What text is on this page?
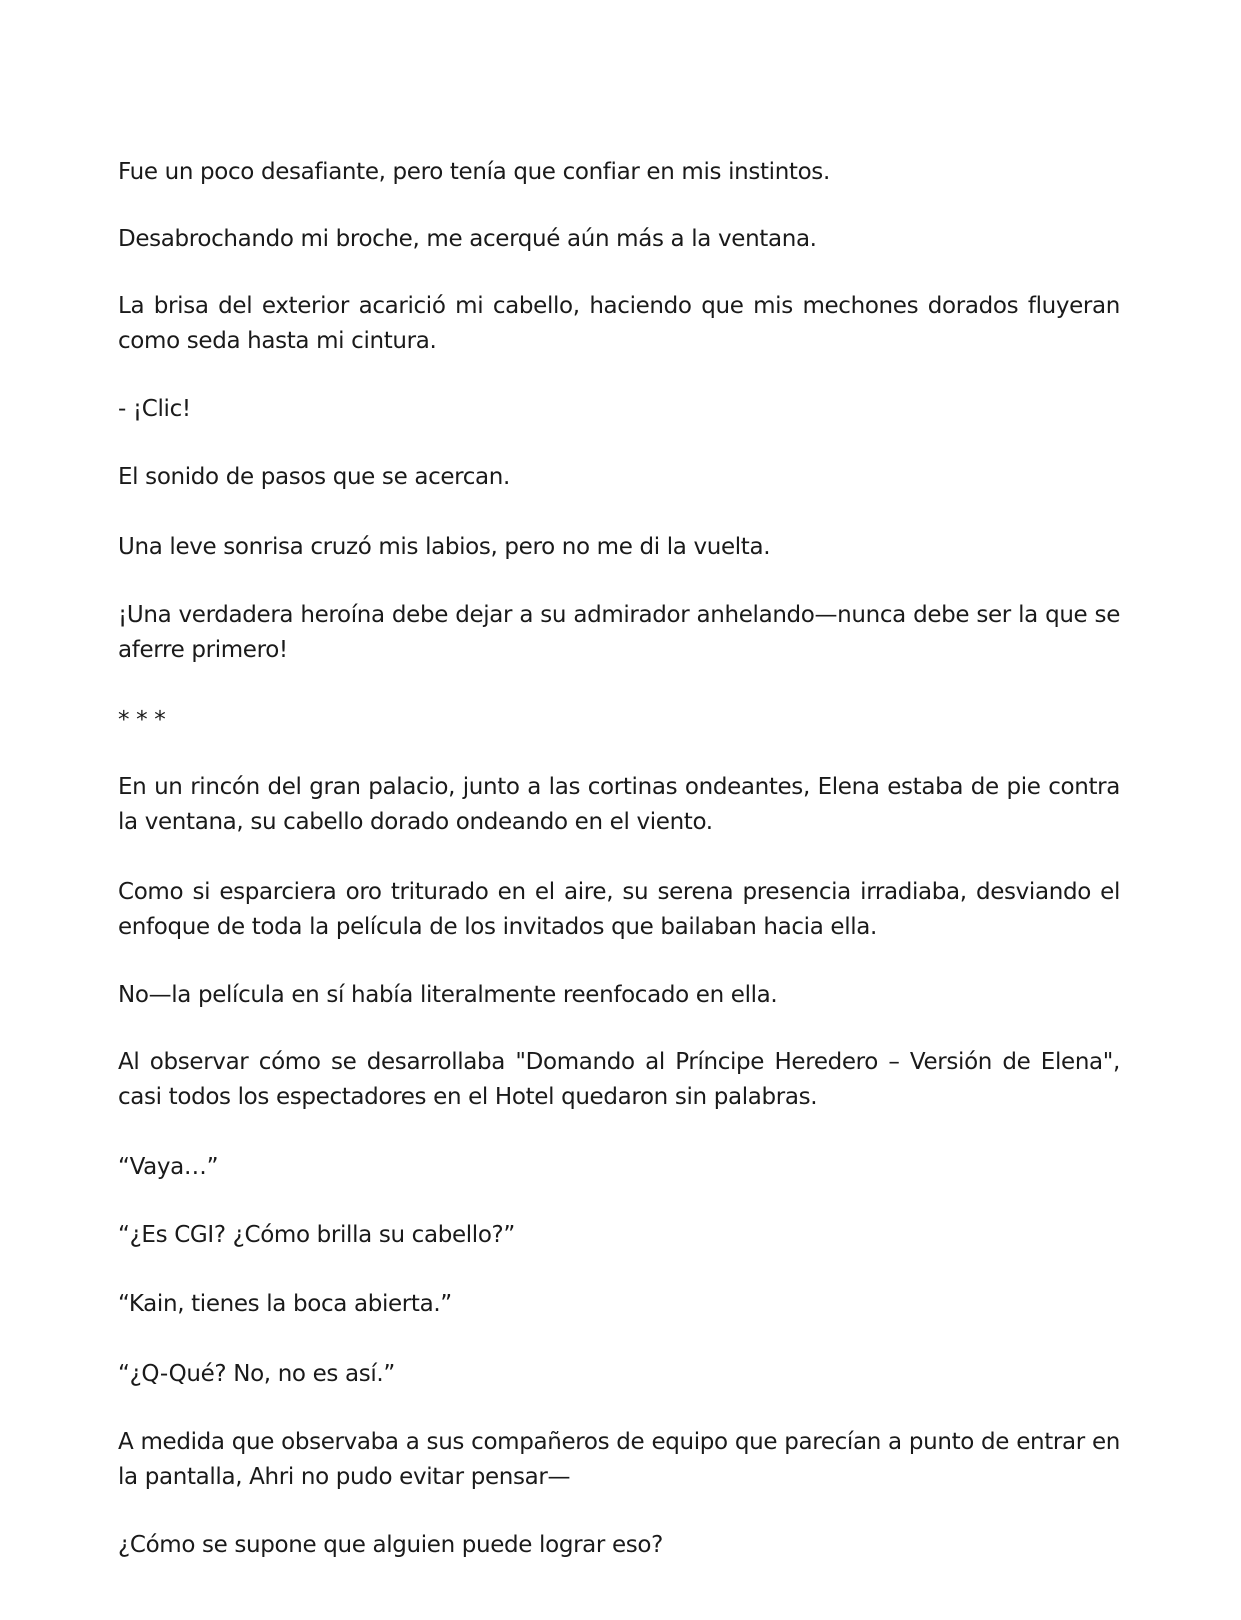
Fue un poco desafiante, pero tenía que confiar en mis instintos.

Desabrochando mi broche, me acerqué aún más a la ventana.

La brisa del exterior acarició mi cabello, haciendo que mis mechones dorados fluyeran como seda hasta mi cintura.

- ¡Clic!

El sonido de pasos que se acercan.

Una leve sonrisa cruzó mis labios, pero no me di la vuelta.

¡Una verdadera heroína debe dejar a su admirador anhelando—nunca debe ser la que se aferre primero!

* * *

En un rincón del gran palacio, junto a las cortinas ondeantes, Elena estaba de pie contra la ventana, su cabello dorado ondeando en el viento.

Como si esparciera oro triturado en el aire, su serena presencia irradiaba, desviando el enfoque de toda la película de los invitados que bailaban hacia ella.

No—la película en sí había literalmente reenfocado en ella.

Al observar cómo se desarrollaba "Domando al Príncipe Heredero – Versión de Elena", casi todos los espectadores en el Hotel quedaron sin palabras.

“Vaya…”

“¿Es CGI? ¿Cómo brilla su cabello?”

“Kain, tienes la boca abierta.”

“¿Q-Qué? No, no es así.”

A medida que observaba a sus compañeros de equipo que parecían a punto de entrar en la pantalla, Ahri no pudo evitar pensar—

¿Cómo se supone que alguien puede lograr eso?
